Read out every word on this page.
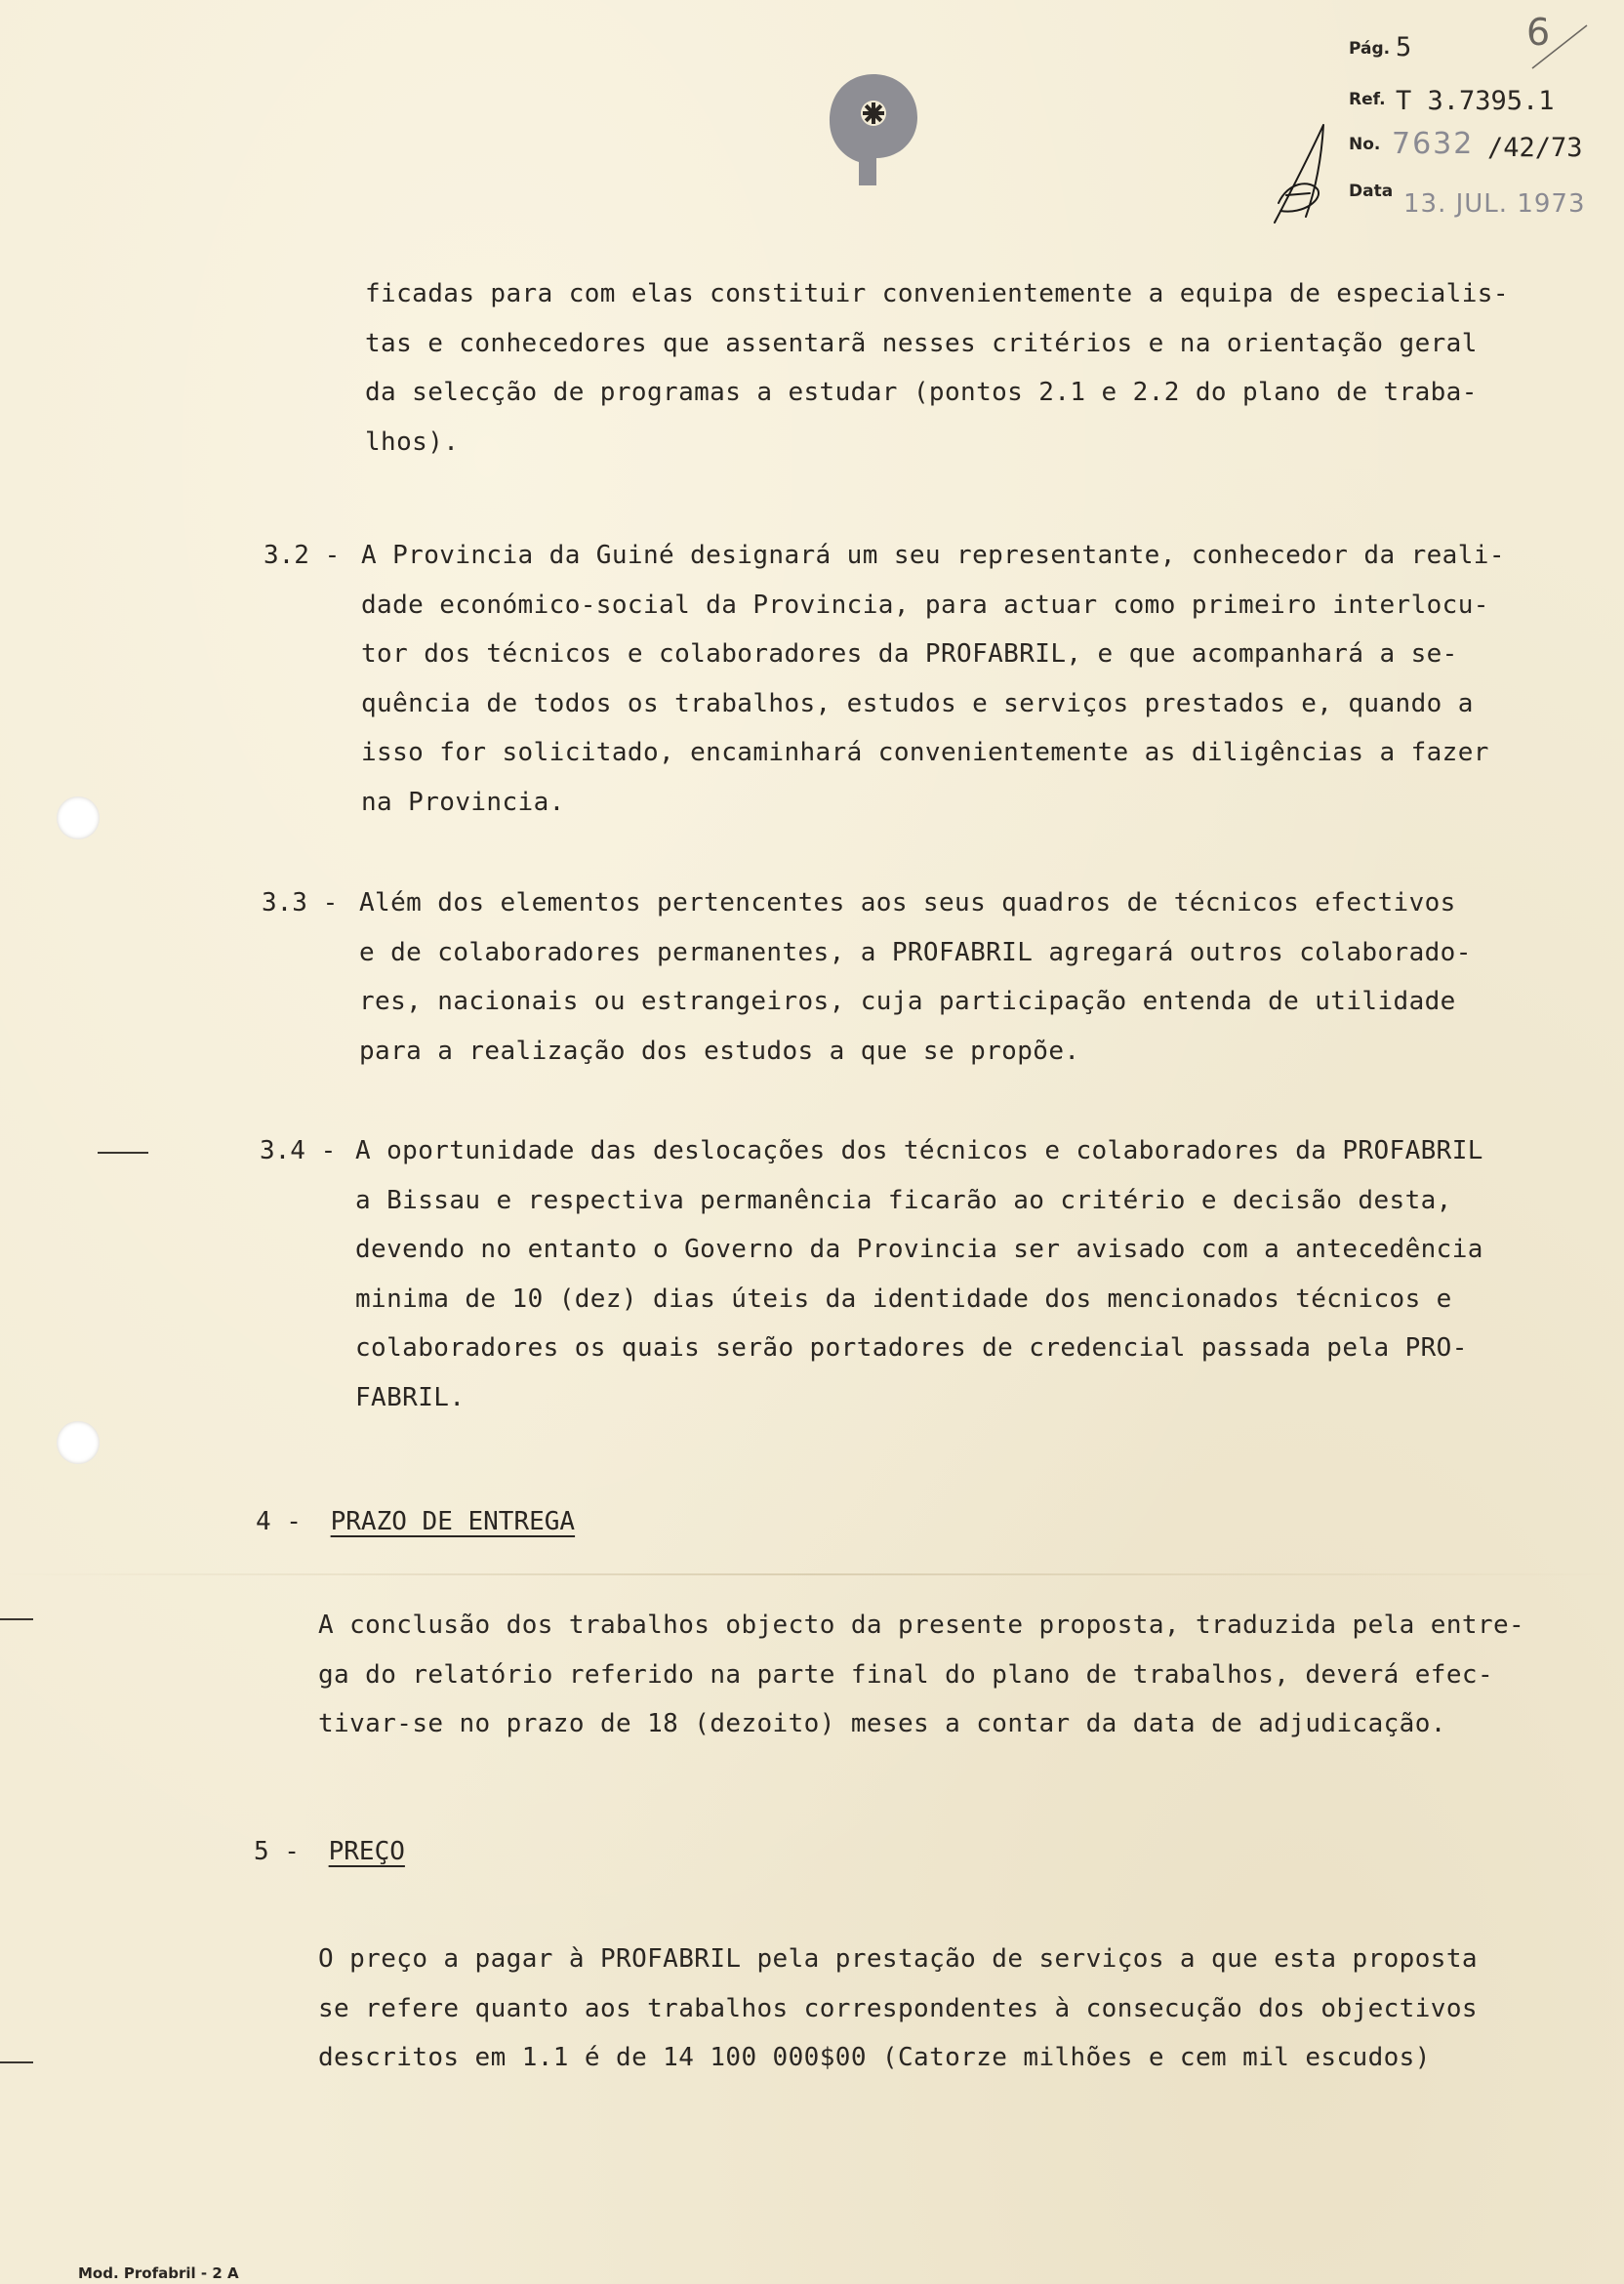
6
Pág. 5
Ref. T 3.7395.1
No. 7632 /42/73
Data 13. JUL. 1973
ficadas para com elas constituir convenientemente a equipa de especialis-
tas e conhecedores que assentarã nesses critérios e na orientação geral
da selecção de programas a estudar (pontos 2.1 e 2.2 do plano de traba-
lhos).
3.2 - A Provincia da Guiné designará um seu representante, conhecedor da reali-
dade económico-social da Provincia, para actuar como primeiro interlocu-
tor dos técnicos e colaboradores da PROFABRIL, e que acompanhará a se-
quência de todos os trabalhos, estudos e serviços prestados e, quando a
isso for solicitado, encaminhará convenientemente as diligências a fazer
na Provincia.
3.3 - Além dos elementos pertencentes aos seus quadros de técnicos efectivos
e de colaboradores permanentes, a PROFABRIL agregará outros colaborado-
res, nacionais ou estrangeiros, cuja participação entenda de utilidade
para a realização dos estudos a que se propõe.
3.4 - A oportunidade das deslocações dos técnicos e colaboradores da PROFABRIL
a Bissau e respectiva permanência ficarão ao critério e decisão desta,
devendo no entanto o Governo da Provincia ser avisado com a antecedência
minima de 10 (dez) dias úteis da identidade dos mencionados técnicos e
colaboradores os quais serão portadores de credencial passada pela PRO-
FABRIL.
4 - PRAZO DE ENTREGA
A conclusão dos trabalhos objecto da presente proposta, traduzida pela entre-
ga do relatório referido na parte final do plano de trabalhos, deverá efec-
tivar-se no prazo de 18 (dezoito) meses a contar da data de adjudicação.
5 - PREÇO
O preço a pagar à PROFABRIL pela prestação de serviços a que esta proposta
se refere quanto aos trabalhos correspondentes à consecução dos objectivos
descritos em 1.1 é de 14 100 000$00 (Catorze milhões e cem mil escudos)
Mod. Profabril - 2 A
